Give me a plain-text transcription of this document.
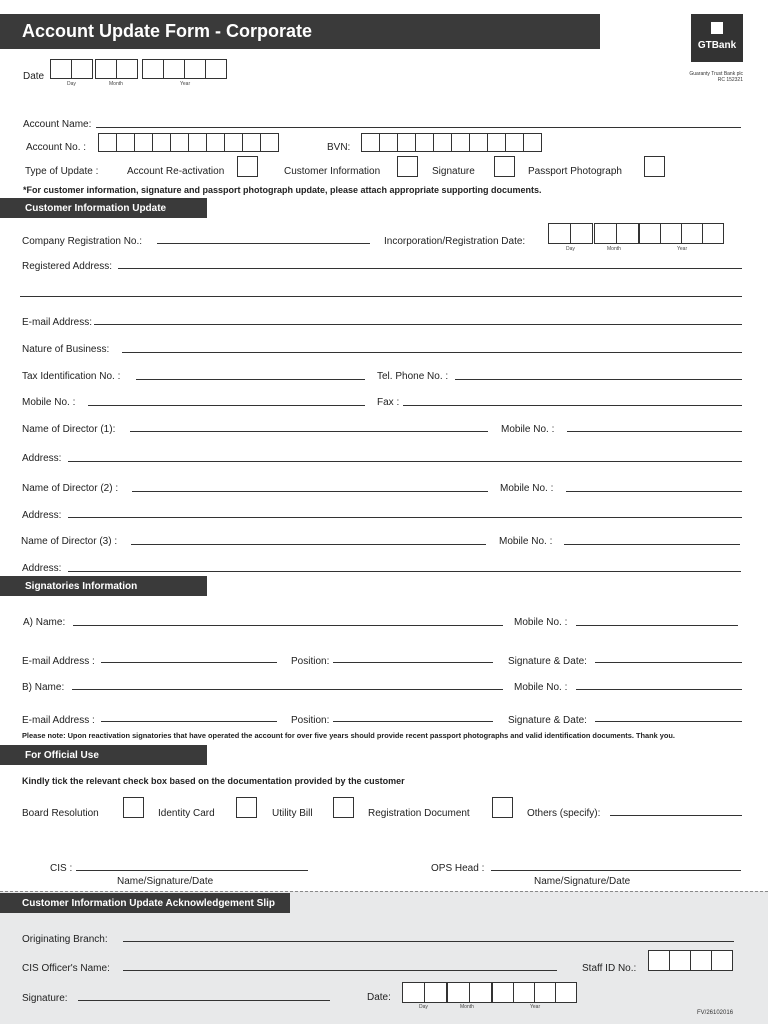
Account Update Form - Corporate
GTBank
Guaranty Trust Bank plc
RC 152321
Date
Day	Month	Year
Account Name:
Account No. :	BVN:
Type of Update :	Account Re-activation	Customer Information	Signature	Passport Photograph
*For customer information, signature and passport photograph update, please attach appropriate supporting documents.
Customer Information Update
Company Registration No.:	Incorporation/Registration Date:
Day	Month	Year
Registered Address:
E-mail Address:
Nature of Business:
Tax Identification No. :	Tel. Phone No. :
Mobile No. :	Fax :
Name of Director (1):	Mobile No. :
Address:
Name of Director (2) :	Mobile No. :
Address:
Name of Director (3) :	Mobile No. :
Address:
Signatories Information
A) Name:	Mobile No. :
E-mail Address :	Position:	Signature & Date:
B) Name:	Mobile No. :
E-mail Address :	Position:	Signature & Date:
Please note: Upon reactivation signatories that have operated the account for over five years should provide recent passport photographs and valid identification documents. Thank you.
For Official Use
Kindly tick the relevant check box based on the documentation provided by the customer
Board Resolution	Identity Card	Utility Bill	Registration Document	Others (specify):
CIS :
Name/Signature/Date
OPS Head :
Name/Signature/Date
Customer Information Update Acknowledgement Slip
Originating Branch:
CIS Officer's Name:	Staff ID No.:
Signature:	Date:
Day	Month	Year
FV/26102016
